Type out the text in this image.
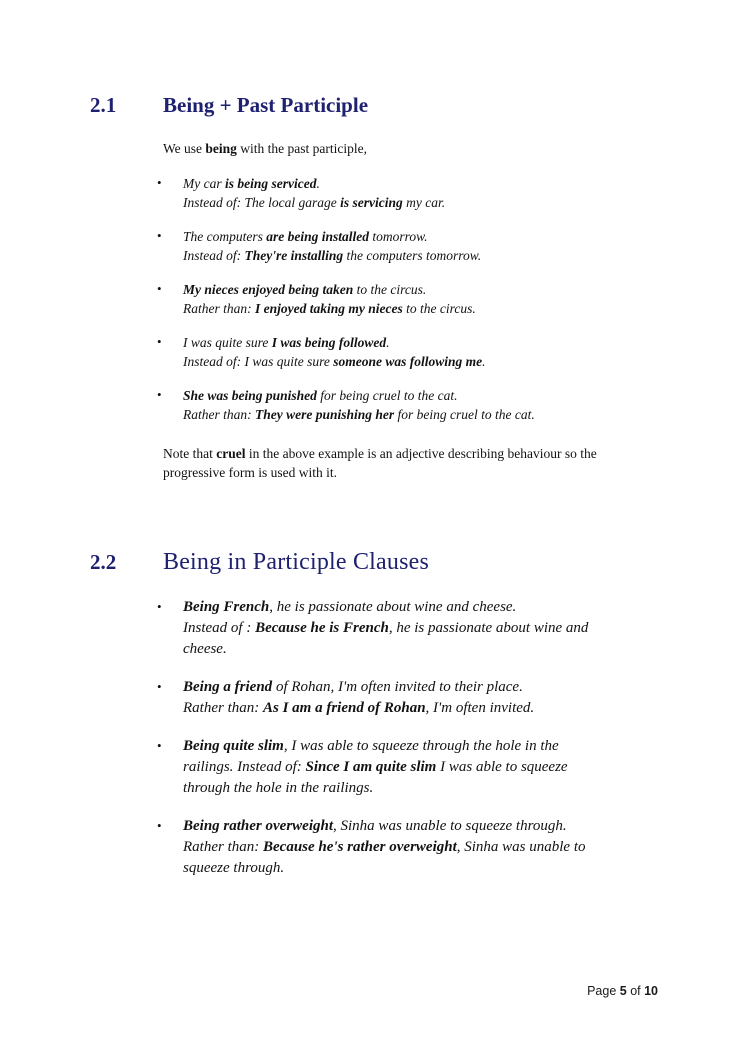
2.1	Being + Past Participle

We use being with the past participle,

• My car is being serviced.
Instead of: The local garage is servicing my car.
• The computers are being installed tomorrow.
Instead of: They're installing the computers tomorrow.
• My nieces enjoyed being taken to the circus.
Rather than: I enjoyed taking my nieces to the circus.
• I was quite sure I was being followed.
Instead of: I was quite sure someone was following me.
• She was being punished for being cruel to the cat.
Rather than: They were punishing her for being cruel to the cat.

Note that cruel in the above example is an adjective describing behaviour so the
progressive form is used with it.

2.2	Being in Participle Clauses
• Being French, he is passionate about wine and cheese.
Instead of : Because he is French, he is passionate about wine and
cheese.
• Being a friend of Rohan, I'm often invited to their place.
Rather than: As I am a friend of Rohan, I'm often invited.
• Being quite slim, I was able to squeeze through the hole in the
railings. Instead of: Since I am quite slim I was able to squeeze
through the hole in the railings.
• Being rather overweight, Sinha was unable to squeeze through.
Rather than: Because he's rather overweight, Sinha was unable to
squeeze through.
Page 5 of 10
